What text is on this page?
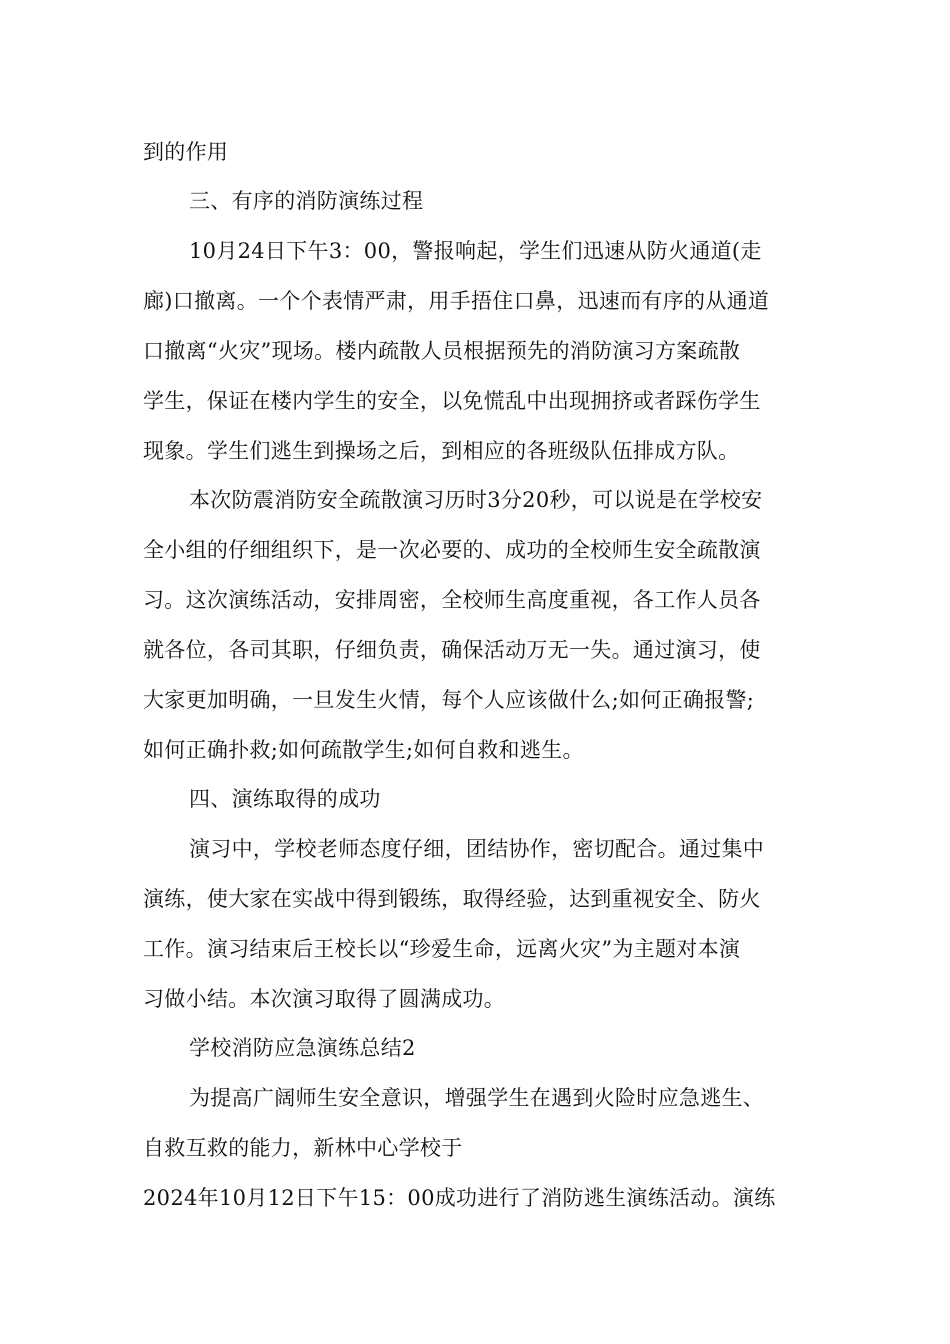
到的作用
三、有序的消防演练过程
10月24日下午3：00，警报响起，学生们迅速从防火通道(走
廊)口撤离。一个个表情严肃，用手捂住口鼻，迅速而有序的从通道
口撤离“火灾”现场。楼内疏散人员根据预先的消防演习方案疏散
学生，保证在楼内学生的安全，以免慌乱中出现拥挤或者踩伤学生
现象。学生们逃生到操场之后，到相应的各班级队伍排成方队。
本次防震消防安全疏散演习历时3分20秒，可以说是在学校安
全小组的仔细组织下，是一次必要的、成功的全校师生安全疏散演
习。这次演练活动，安排周密，全校师生高度重视，各工作人员各
就各位，各司其职，仔细负责，确保活动万无一失。通过演习，使
大家更加明确，一旦发生火情，每个人应该做什么;如何正确报警;
如何正确扑救;如何疏散学生;如何自救和逃生。
四、演练取得的成功
演习中，学校老师态度仔细，团结协作，密切配合。通过集中
演练，使大家在实战中得到锻练，取得经验，达到重视安全、防火
工作。演习结束后王校长以“珍爱生命，远离火灾”为主题对本演
习做小结。本次演习取得了圆满成功。
学校消防应急演练总结2
为提高广阔师生安全意识，增强学生在遇到火险时应急逃生、
自救互救的能力，新林中心学校于
2024年10月12日下午15：00成功进行了消防逃生演练活动。演练
